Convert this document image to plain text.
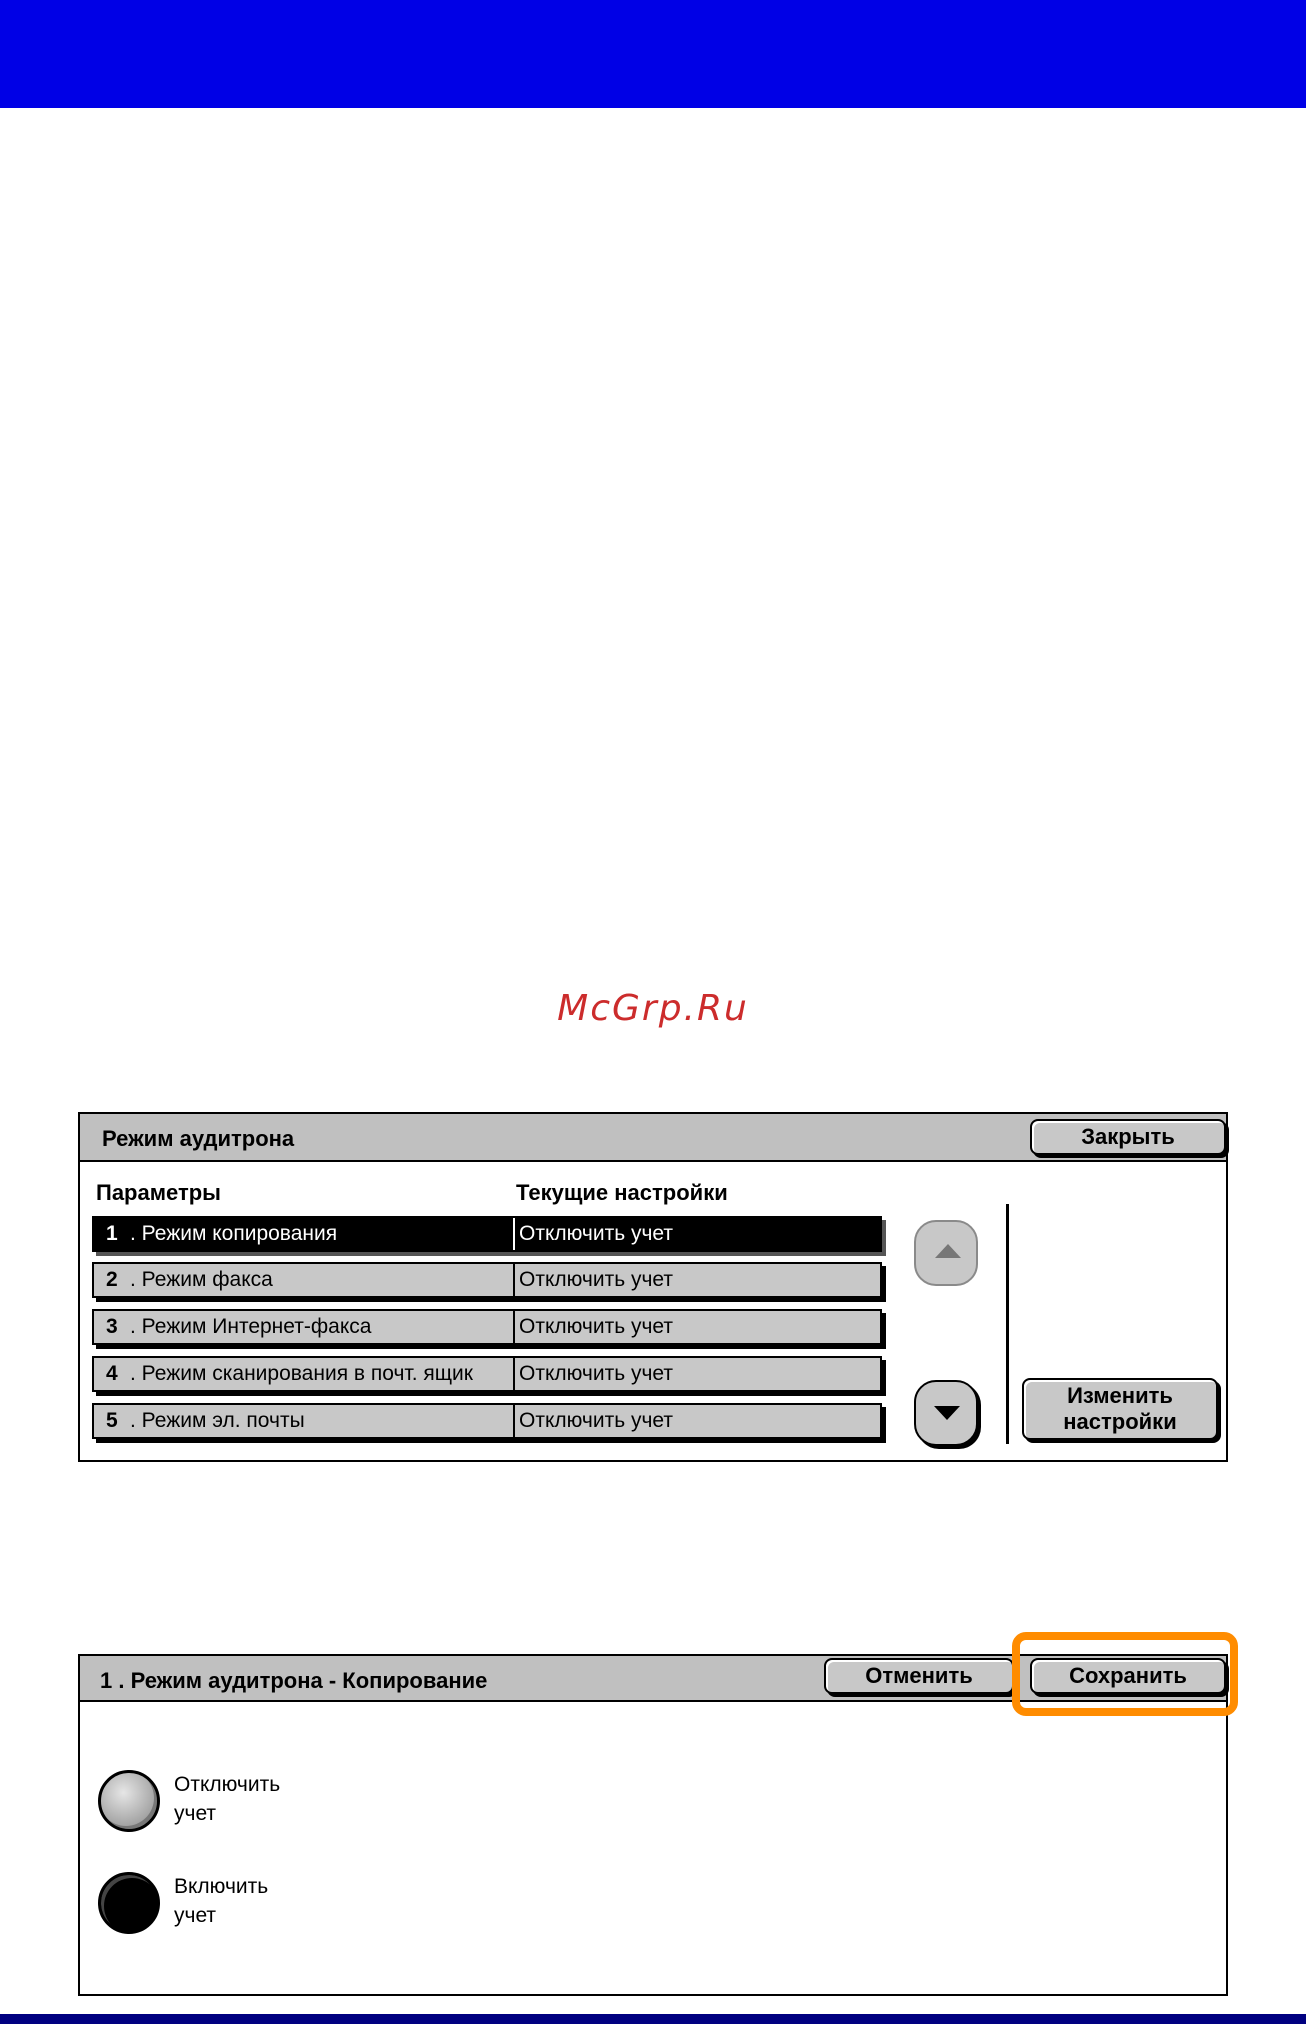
McGrp.Ru
Режим аудитрона	Закрыть
Параметры	Текущие настройки
1 . Режим копирования	Отключить учет
2 . Режим факса	Отключить учет
3 . Режим Интернет-факса	Отключить учет
4 . Режим сканирования в почт. ящик	Отключить учет
5 . Режим эл. почты	Отключить учет
Изменить
настройки
1 . Режим аудитрона - Копирование	Отменить	Сохранить
Отключить
учет
Включить
учет
